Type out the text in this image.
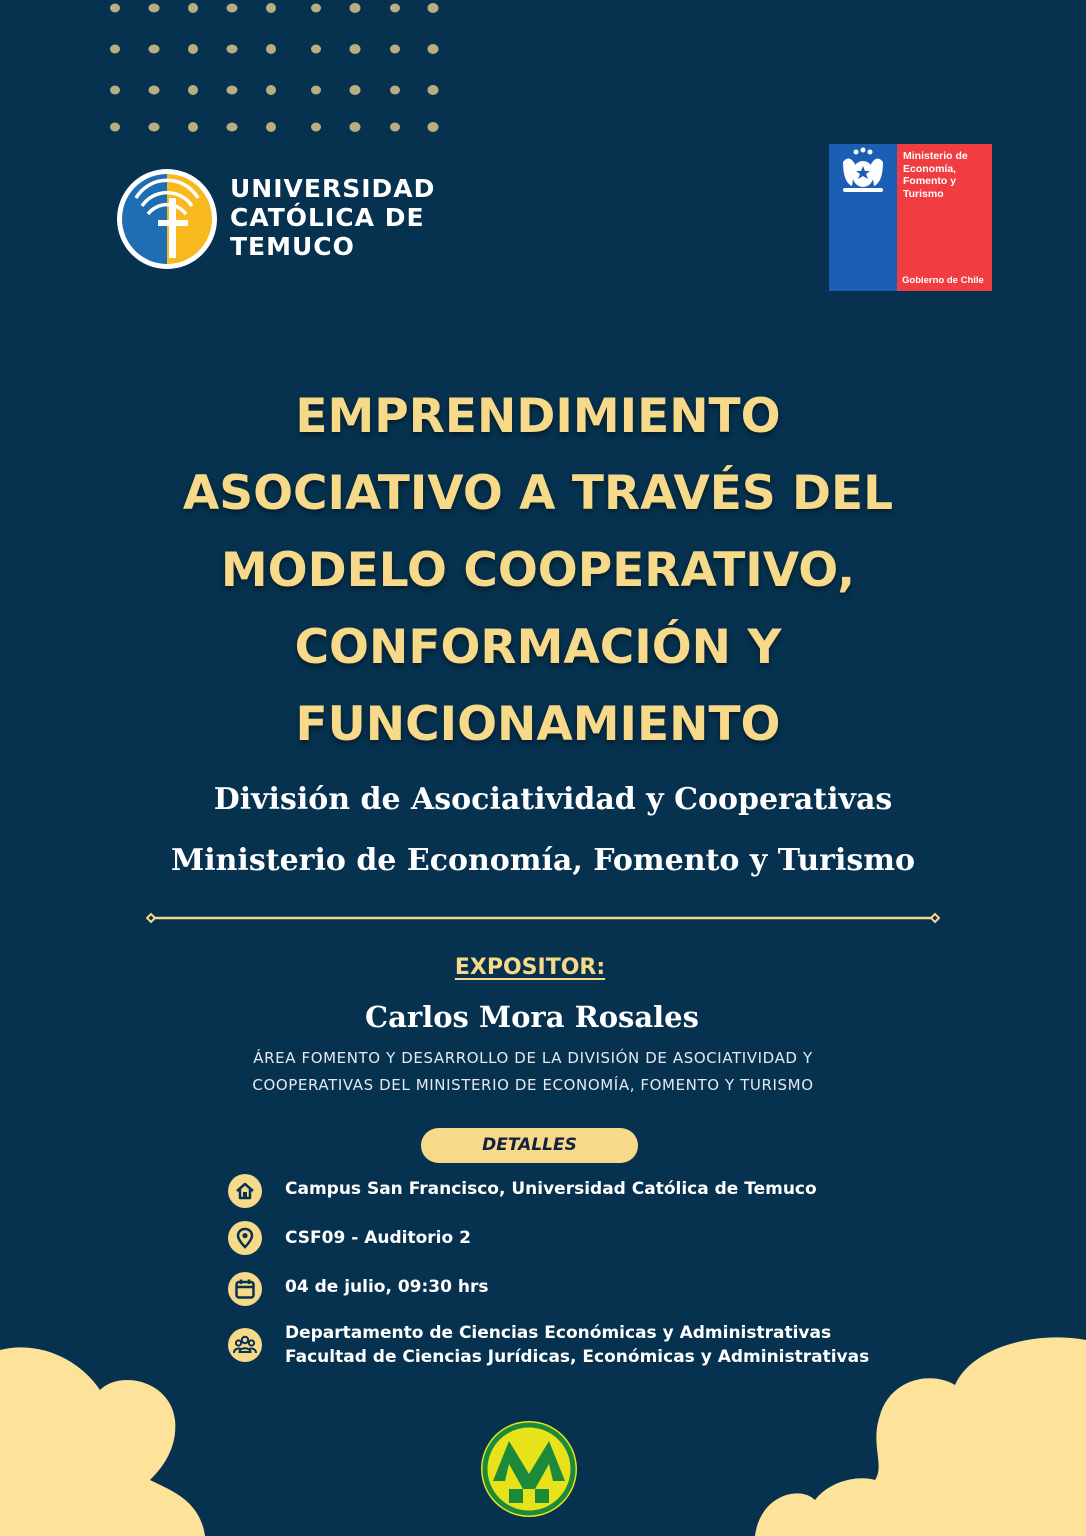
UNIVERSIDAD
CATÓLICA DE
TEMUCO
Ministerio de
Economía,
Fomento y
Turismo
Gobierno de Chile
EMPRENDIMIENTO
ASOCIATIVO A TRAVÉS DEL
MODELO COOPERATIVO,
CONFORMACIÓN Y
FUNCIONAMIENTO
División de Asociatividad y Cooperativas
Ministerio de Economía, Fomento y Turismo
EXPOSITOR:
Carlos Mora Rosales
ÁREA FOMENTO Y DESARROLLO DE LA DIVISIÓN DE ASOCIATIVIDAD Y
COOPERATIVAS DEL MINISTERIO DE ECONOMÍA, FOMENTO Y TURISMO
DETALLES
Campus San Francisco, Universidad Católica de Temuco
CSF09 - Auditorio 2
04 de julio, 09:30 hrs
Departamento de Ciencias Económicas y Administrativas
Facultad de Ciencias Jurídicas, Económicas y Administrativas
